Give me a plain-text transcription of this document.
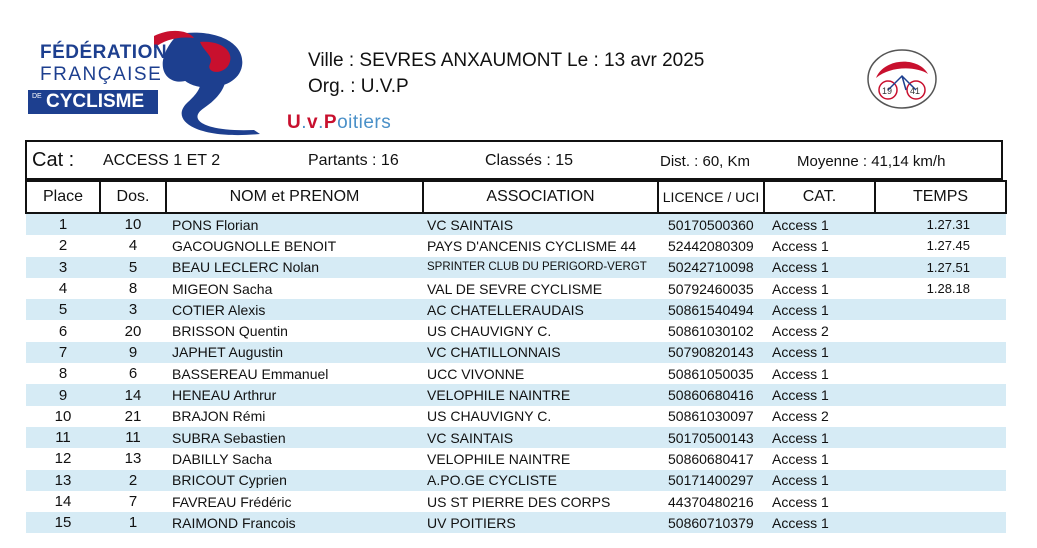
FÉDÉRATION
FRANÇAISE
DE CYCLISME
Ville : SEVRES ANXAUMONT Le : 13 avr 2025
Org. : U.V.P
U.v.Poitiers
19 41
Cat : ACCESS 1 ET 2	Partants : 16	Classés : 15	Dist. : 60, Km	Moyenne : 41,14 km/h
Place	Dos.	NOM et PRENOM	ASSOCIATION	LICENCE / UCI	CAT.	TEMPS
1	10	PONS Florian	VC SAINTAIS	50170500360	Access 1	1.27.31
2	4	GACOUGNOLLE BENOIT	PAYS D'ANCENIS CYCLISME 44	52442080309	Access 1	1.27.45
3	5	BEAU LECLERC Nolan	SPRINTER CLUB DU PERIGORD-VERGT	50242710098	Access 1	1.27.51
4	8	MIGEON Sacha	VAL DE SEVRE CYCLISME	50792460035	Access 1	1.28.18
5	3	COTIER Alexis	AC CHATELLERAUDAIS	50861540494	Access 1	
6	20	BRISSON Quentin	US CHAUVIGNY C.	50861030102	Access 2	
7	9	JAPHET Augustin	VC CHATILLONNAIS	50790820143	Access 1	
8	6	BASSEREAU Emmanuel	UCC VIVONNE	50861050035	Access 1	
9	14	HENEAU Arthrur	VELOPHILE NAINTRE	50860680416	Access 1	
10	21	BRAJON Rémi	US CHAUVIGNY C.	50861030097	Access 2	
11	11	SUBRA Sebastien	VC SAINTAIS	50170500143	Access 1	
12	13	DABILLY Sacha	VELOPHILE NAINTRE	50860680417	Access 1	
13	2	BRICOUT Cyprien	A.PO.GE CYCLISTE	50171400297	Access 1	
14	7	FAVREAU Frédéric	US ST PIERRE DES CORPS	44370480216	Access 1	
15	1	RAIMOND Francois	UV POITIERS	50860710379	Access 1	
